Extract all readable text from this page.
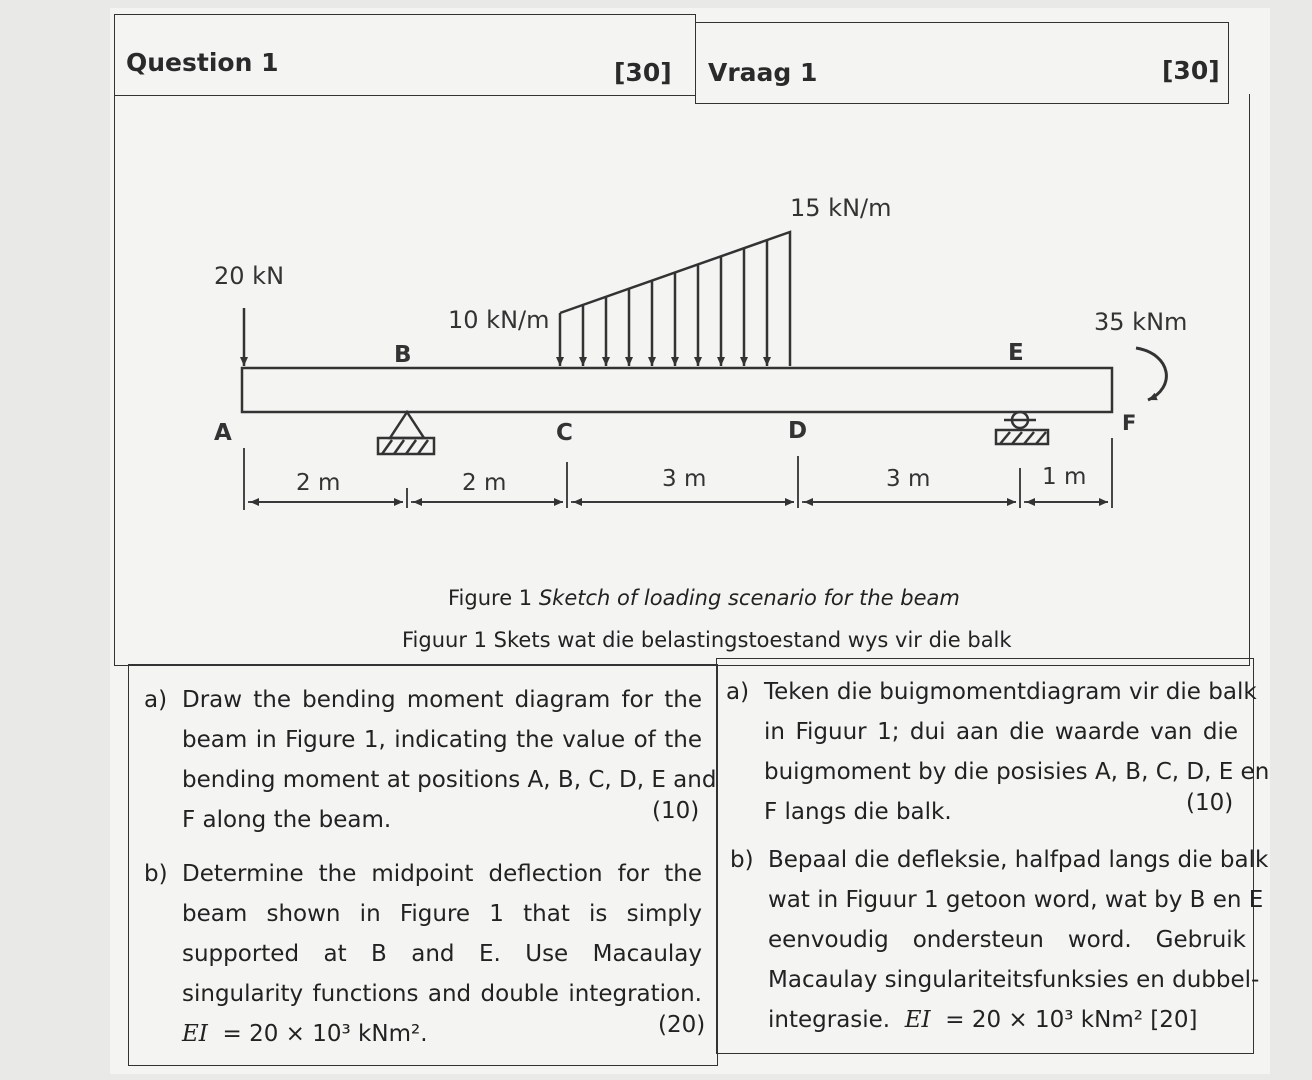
Question 1	[30] Vraag 1	[30]
20 kN
10 kN/m
15 kN/m
35 kNm
A
B
C	D
E
F
2 m	2 m	3 m	3 m	1 m
Figure 1 Sketch of loading scenario for the beam
Figuur 1 Skets wat die belastingstoestand wys vir die balk
a) Draw the bending moment diagram for the
beam in Figure 1, indicating the value of the
bending moment at positions A, B, C, D, E and
F along the beam.	(10)
b) Determine the midpoint deflection for the
beam shown in Figure 1 that is simply
supported at B and E. Use Macaulay
singularity functions and double integration.
EI = 20 × 10³ kNm².	(20)
a) Teken die buigmomentdiagram vir die balk
in Figuur 1; dui aan die waarde van die
buigmoment by die posisies A, B, C, D, E en
F langs die balk.	(10)
b) Bepaal die defleksie, halfpad langs die balk
wat in Figuur 1 getoon word, wat by B en E
eenvoudig ondersteun word. Gebruik
Macaulay singulariteitsfunksies en dubbel-
integrasie. EI = 20 × 10³ kNm² [20]
